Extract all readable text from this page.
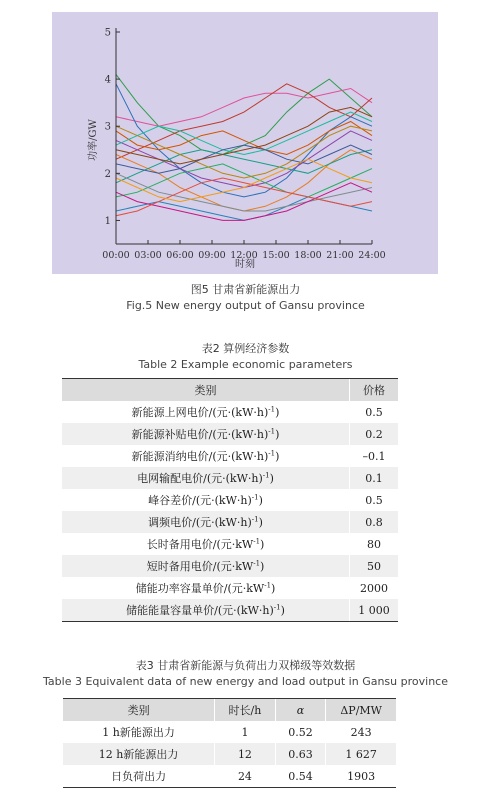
1
2
3
4
5
00:00 03:00 06:00 09:00 12:00 15:00 18:00 21:00 24:00
功率/GW
时刻
图5 甘肃省新能源出力
Fig.5 New energy output of Gansu province
表2 算例经济参数
Table 2 Example economic parameters
类别	价格
新能源上网电价/(元$\cdot(kW\cdot h)^{-1}$)	0.5
新能源补贴电价/(元$\cdot(kW\cdot h)^{-1}$)	0.2
新能源消纳电价/(元$\cdot(kW\cdot h)^{-1}$)	–0.1
电网输配电价/(元$\cdot(kW\cdot h)^{-1}$)	0.1
峰谷差价/(元$\cdot(kW\cdot h)^{-1}$)	0.5
调频电价/(元$\cdot(kW\cdot h)^{-1}$)	0.8
长时备用电价/(元$\cdot kW^{-1}$)	80
短时备用电价/(元$\cdot kW^{-1}$)	50
储能功率容量单价/(元$\cdot kW^{-1}$)	2000
储能能量容量单价/(元$\cdot(kW\cdot h)^{-1}$)	1 000
表3 甘肃省新能源与负荷出力双梯级等效数据
Table 3 Equivalent data of new energy and load output in Gansu province
类别	时长/h	α	ΔP/MW
1 h新能源出力	1	0.52	243
12 h新能源出力	12	0.63	1 627
日负荷出力	24	0.54	1903
